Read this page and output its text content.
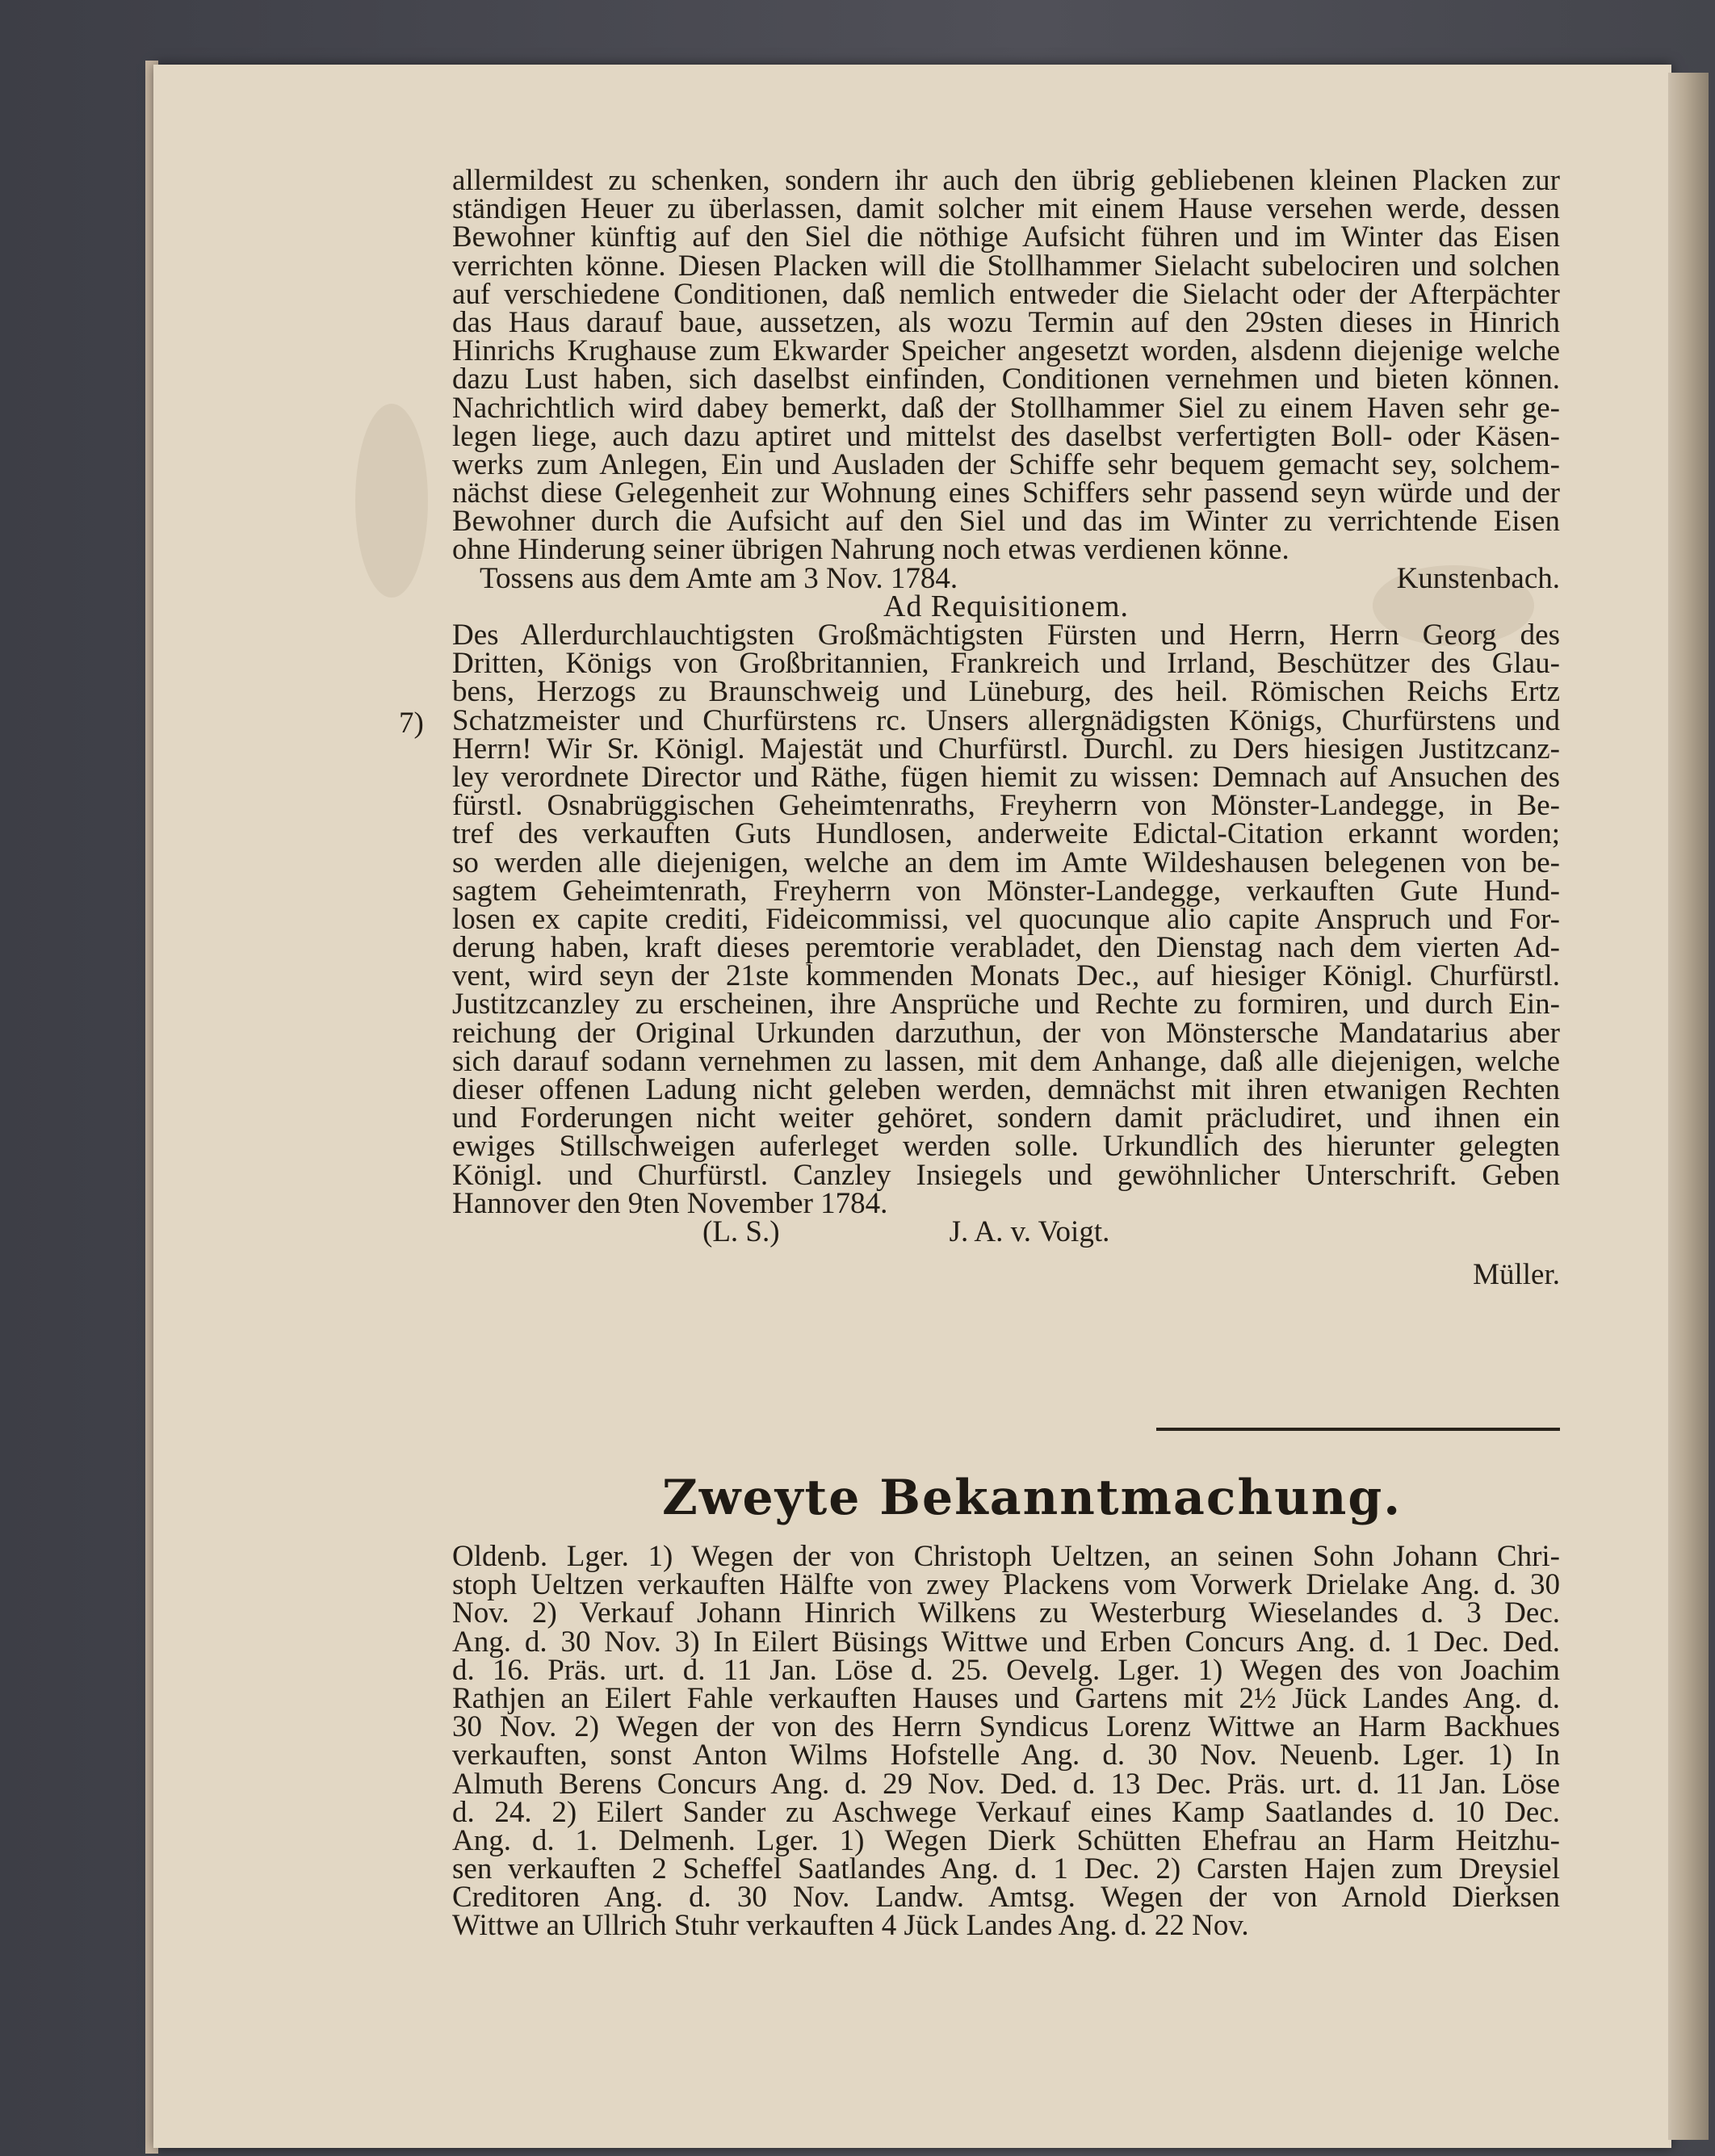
7)
allermildest zu schenken, sondern ihr auch den übrig gebliebenen kleinen Placken zur
ständigen Heuer zu überlassen, damit solcher mit einem Hause versehen werde, dessen
Bewohner künftig auf den Siel die nöthige Aufsicht führen und im Winter das Eisen
verrichten könne. Diesen Placken will die Stollhammer Sielacht subelociren und solchen
auf verschiedene Conditionen, daß nemlich entweder die Sielacht oder der Afterpächter
das Haus darauf baue, aussetzen, als wozu Termin auf den 29sten dieses in Hinrich
Hinrichs Krughause zum Ekwarder Speicher angesetzt worden, alsdenn diejenige welche
dazu Lust haben, sich daselbst einfinden, Conditionen vernehmen und bieten können.
Nachrichtlich wird dabey bemerkt, daß der Stollhammer Siel zu einem Haven sehr ge-
legen liege, auch dazu aptiret und mittelst des daselbst verfertigten Boll- oder Käsen-
werks zum Anlegen, Ein und Ausladen der Schiffe sehr bequem gemacht sey, solchem-
nächst diese Gelegenheit zur Wohnung eines Schiffers sehr passend seyn würde und der
Bewohner durch die Aufsicht auf den Siel und das im Winter zu verrichtende Eisen
ohne Hinderung seiner übrigen Nahrung noch etwas verdienen könne.
Tossens aus dem Amte am 3 Nov. 1784.	Kunstenbach.
Ad Requisitionem.
Des Allerdurchlauchtigsten Großmächtigsten Fürsten und Herrn, Herrn Georg des
Dritten, Königs von Großbritannien, Frankreich und Irrland, Beschützer des Glau-
bens, Herzogs zu Braunschweig und Lüneburg, des heil. Römischen Reichs Ertz
Schatzmeister und Churfürstens rc. Unsers allergnädigsten Königs, Churfürstens und
Herrn! Wir Sr. Königl. Majestät und Churfürstl. Durchl. zu Ders hiesigen Justitzcanz-
ley verordnete Director und Räthe, fügen hiemit zu wissen: Demnach auf Ansuchen des
fürstl. Osnabrüggischen Geheimtenraths, Freyherrn von Mönster-Landegge, in Be-
tref des verkauften Guts Hundlosen, anderweite Edictal-Citation erkannt worden;
so werden alle diejenigen, welche an dem im Amte Wildeshausen belegenen von be-
sagtem Geheimtenrath, Freyherrn von Mönster-Landegge, verkauften Gute Hund-
losen ex capite crediti, Fideicommissi, vel quocunque alio capite Anspruch und For-
derung haben, kraft dieses peremtorie verabladet, den Dienstag nach dem vierten Ad-
vent, wird seyn der 21ste kommenden Monats Dec., auf hiesiger Königl. Churfürstl.
Justitzcanzley zu erscheinen, ihre Ansprüche und Rechte zu formiren, und durch Ein-
reichung der Original Urkunden darzuthun, der von Mönstersche Mandatarius aber
sich darauf sodann vernehmen zu lassen, mit dem Anhange, daß alle diejenigen, welche
dieser offenen Ladung nicht geleben werden, demnächst mit ihren etwanigen Rechten
und Forderungen nicht weiter gehöret, sondern damit präcludiret, und ihnen ein
ewiges Stillschweigen auferleget werden solle. Urkundlich des hierunter gelegten
Königl. und Churfürstl. Canzley Insiegels und gewöhnlicher Unterschrift. Geben
Hannover den 9ten November 1784.
(L. S.)	J. A. v. Voigt.
Müller.
Zweyte Bekanntmachung.
Oldenb. Lger. 1) Wegen der von Christoph Ueltzen, an seinen Sohn Johann Chri-
stoph Ueltzen verkauften Hälfte von zwey Plackens vom Vorwerk Drielake Ang. d. 30
Nov. 2) Verkauf Johann Hinrich Wilkens zu Westerburg Wieselandes d. 3 Dec.
Ang. d. 30 Nov. 3) In Eilert Büsings Wittwe und Erben Concurs Ang. d. 1 Dec. Ded.
d. 16. Präs. urt. d. 11 Jan. Löse d. 25. Oevelg. Lger. 1) Wegen des von Joachim
Rathjen an Eilert Fahle verkauften Hauses und Gartens mit 2½ Jück Landes Ang. d.
30 Nov. 2) Wegen der von des Herrn Syndicus Lorenz Wittwe an Harm Backhues
verkauften, sonst Anton Wilms Hofstelle Ang. d. 30 Nov. Neuenb. Lger. 1) In
Almuth Berens Concurs Ang. d. 29 Nov. Ded. d. 13 Dec. Präs. urt. d. 11 Jan. Löse
d. 24. 2) Eilert Sander zu Aschwege Verkauf eines Kamp Saatlandes d. 10 Dec.
Ang. d. 1. Delmenh. Lger. 1) Wegen Dierk Schütten Ehefrau an Harm Heitzhu-
sen verkauften 2 Scheffel Saatlandes Ang. d. 1 Dec. 2) Carsten Hajen zum Dreysiel
Creditoren Ang. d. 30 Nov. Landw. Amtsg. Wegen der von Arnold Dierksen
Wittwe an Ullrich Stuhr verkauften 4 Jück Landes Ang. d. 22 Nov.
